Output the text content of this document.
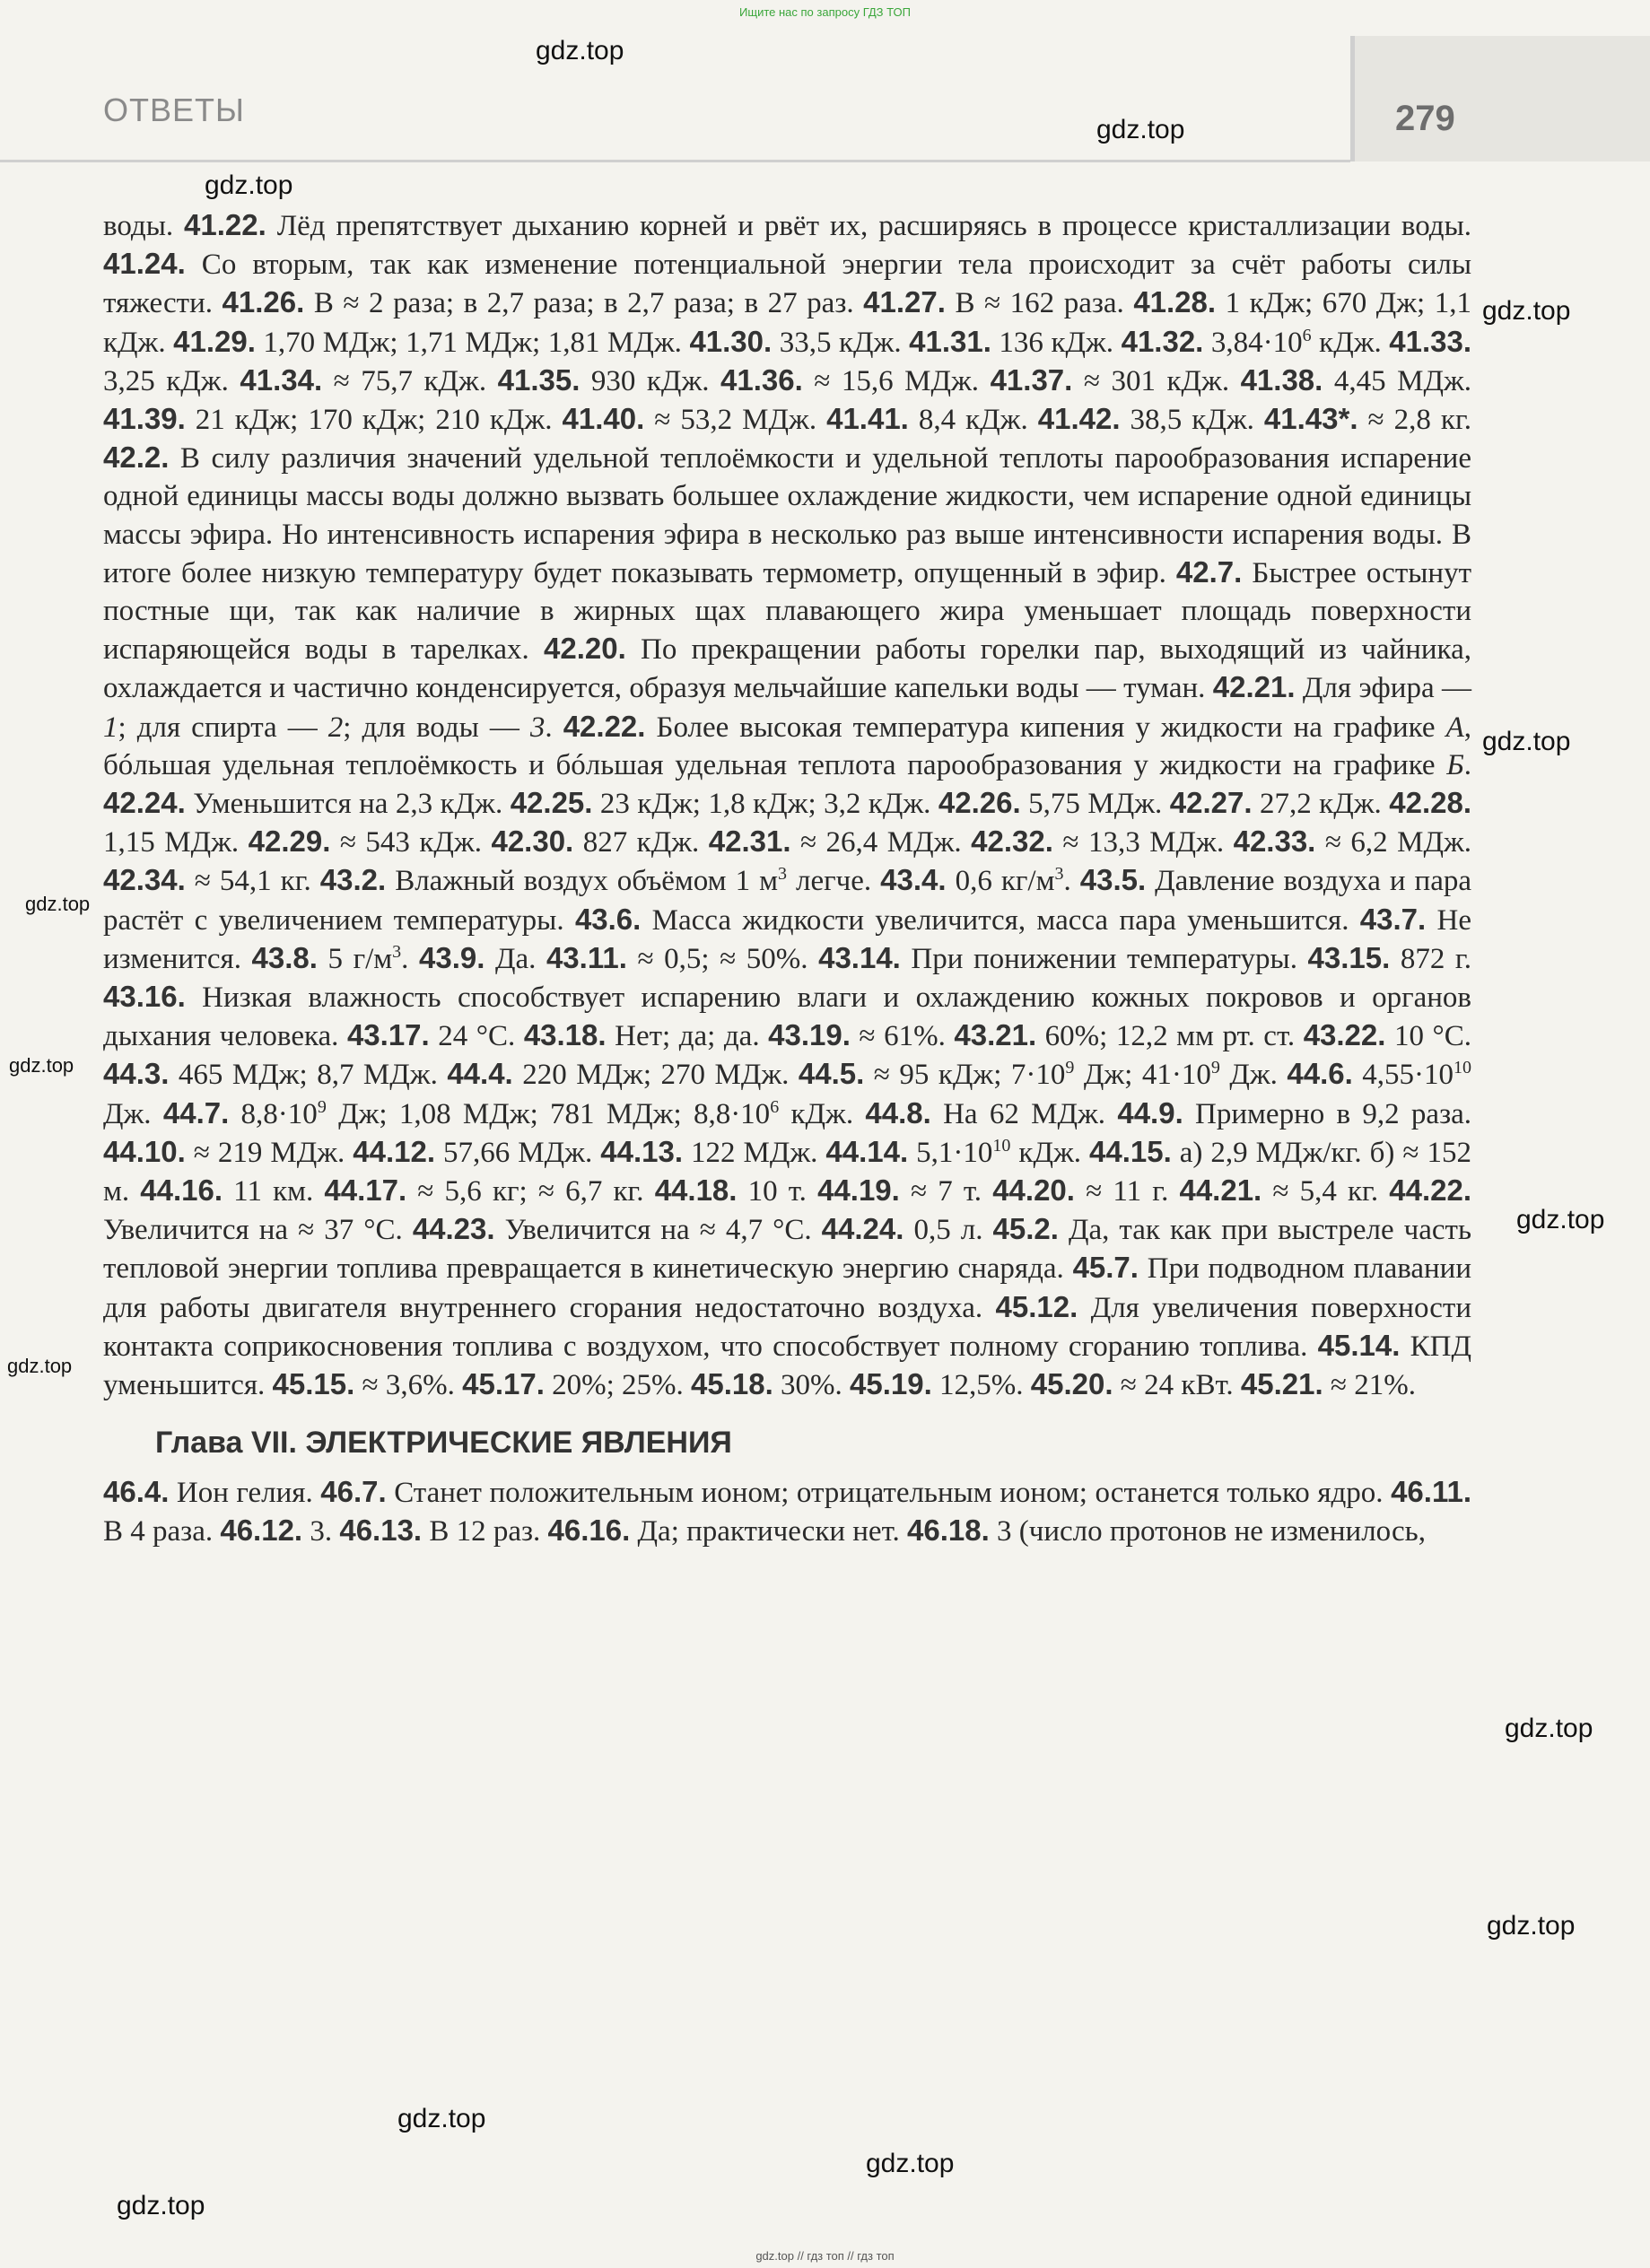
Ищите нас по запросу ГДЗ ТОП
ОТВЕТЫ	279

воды. 41.22. Лёд препятствует дыханию корней и рвёт их, расширяясь в процессе кристаллизации воды. 41.24. Со вторым, так как изменение потенциальной энергии тела происходит за счёт работы силы тяжести. 41.26. В ≈ 2 раза; в 2,7 раза; в 2,7 раза; в 27 раз. 41.27. В ≈ 162 раза. 41.28. 1 кДж; 670 Дж; 1,1 кДж. 41.29. 1,70 МДж; 1,71 МДж; 1,81 МДж. 41.30. 33,5 кДж. 41.31. 136 кДж. 41.32. $3,84\cdot 10^6$ кДж. 41.33. 3,25 кДж. 41.34. ≈ 75,7 кДж. 41.35. 930 кДж. 41.36. ≈ 15,6 МДж. 41.37. ≈ 301 кДж. 41.38. 4,45 МДж. 41.39. 21 кДж; 170 кДж; 210 кДж. 41.40. ≈ 53,2 МДж. 41.41. 8,4 кДж. 41.42. 38,5 кДж. 41.43*. ≈ 2,8 кг. 42.2. В силу различия значений удельной теплоёмкости и удельной теплоты парообразования испарение одной единицы массы воды должно вызвать большее охлаждение жидкости, чем испарение одной единицы массы эфира. Но интенсивность испарения эфира в несколько раз выше интенсивности испарения воды. В итоге более низкую температуру будет показывать термометр, опущенный в эфир. 42.7. Быстрее остынут постные щи, так как наличие в жирных щах плавающего жира уменьшает площадь поверхности испаряющейся воды в тарелках. 42.20. По прекращении работы горелки пар, выходящий из чайника, охлаждается и частично конденсируется, образуя мельчайшие капельки воды — туман. 42.21. Для эфира — 1; для спирта — 2; для воды — 3. 42.22. Более высокая температура кипения у жидкости на графике А, бóльшая удельная теплоёмкость и бóльшая удельная теплота парообразования у жидкости на графике Б. 42.24. Уменьшится на 2,3 кДж. 42.25. 23 кДж; 1,8 кДж; 3,2 кДж. 42.26. 5,75 МДж. 42.27. 27,2 кДж. 42.28. 1,15 МДж. 42.29. ≈ 543 кДж. 42.30. 827 кДж. 42.31. ≈ 26,4 МДж. 42.32. ≈ 13,3 МДж. 42.33. ≈ 6,2 МДж. 42.34. ≈ 54,1 кг. 43.2. Влажный воздух объёмом 1 $м^3$ легче. 43.4. 0,6 $кг/м^3$. 43.5. Давление воздуха и пара растёт с увеличением температуры. 43.6. Масса жидкости увеличится, масса пара уменьшится. 43.7. Не изменится. 43.8. 5 $г/м^3$. 43.9. Да. 43.11. ≈ 0,5; ≈ 50%. 43.14. При понижении температуры. 43.15. 872 г. 43.16. Низкая влажность способствует испарению влаги и охлаждению кожных покровов и органов дыхания человека. 43.17. 24 °С. 43.18. Нет; да; да. 43.19. ≈ 61%. 43.21. 60%; 12,2 мм рт. ст. 43.22. 10 °С. 44.3. 465 МДж; 8,7 МДж. 44.4. 220 МДж; 270 МДж. 44.5. ≈ 95 кДж; $7\cdot 10^9$ Дж; $41\cdot 10^9$ Дж. 44.6. $4,55\cdot 10^{10}$ Дж. 44.7. $8,8\cdot 10^9$ Дж; 1,08 МДж; 781 МДж; $8,8\cdot 10^6$ кДж. 44.8. На 62 МДж. 44.9. Примерно в 9,2 раза. 44.10. ≈ 219 МДж. 44.12. 57,66 МДж. 44.13. 122 МДж. 44.14. $5,1\cdot 10^{10}$ кДж. 44.15. а) 2,9 МДж/кг. б) ≈ 152 м. 44.16. 11 км. 44.17. ≈ 5,6 кг; ≈ 6,7 кг. 44.18. 10 т. 44.19. ≈ 7 т. 44.20. ≈ 11 г. 44.21. ≈ 5,4 кг. 44.22. Увеличится на ≈ 37 °С. 44.23. Увеличится на ≈ 4,7 °С. 44.24. 0,5 л. 45.2. Да, так как при выстреле часть тепловой энергии топлива превращается в кинетическую энергию снаряда. 45.7. При подводном плавании для работы двигателя внутреннего сгорания недостаточно воздуха. 45.12. Для увеличения поверхности контакта соприкосновения топлива с воздухом, что способствует полному сгоранию топлива. 45.14. КПД уменьшится. 45.15. ≈ 3,6%. 45.17. 20%; 25%. 45.18. 30%. 45.19. 12,5%. 45.20. ≈ 24 кВт. 45.21. ≈ 21%.

Глава VII. ЭЛЕКТРИЧЕСКИЕ ЯВЛЕНИЯ

46.4. Ион гелия. 46.7. Станет положительным ионом; отрицательным ионом; останется только ядро. 46.11. В 4 раза. 46.12. 3. 46.13. В 12 раз. 46.16. Да; практически нет. 46.18. 3 (число протонов не изменилось,

gdz.top
gdz.top
gdz.top
gdz.top
gdz.top
gdz.top
gdz.top
gdz.top
gdz.top
gdz.top
gdz.top
gdz.top
gdz.top
gdz.top
gdz.top // гдз топ // гдз топ
